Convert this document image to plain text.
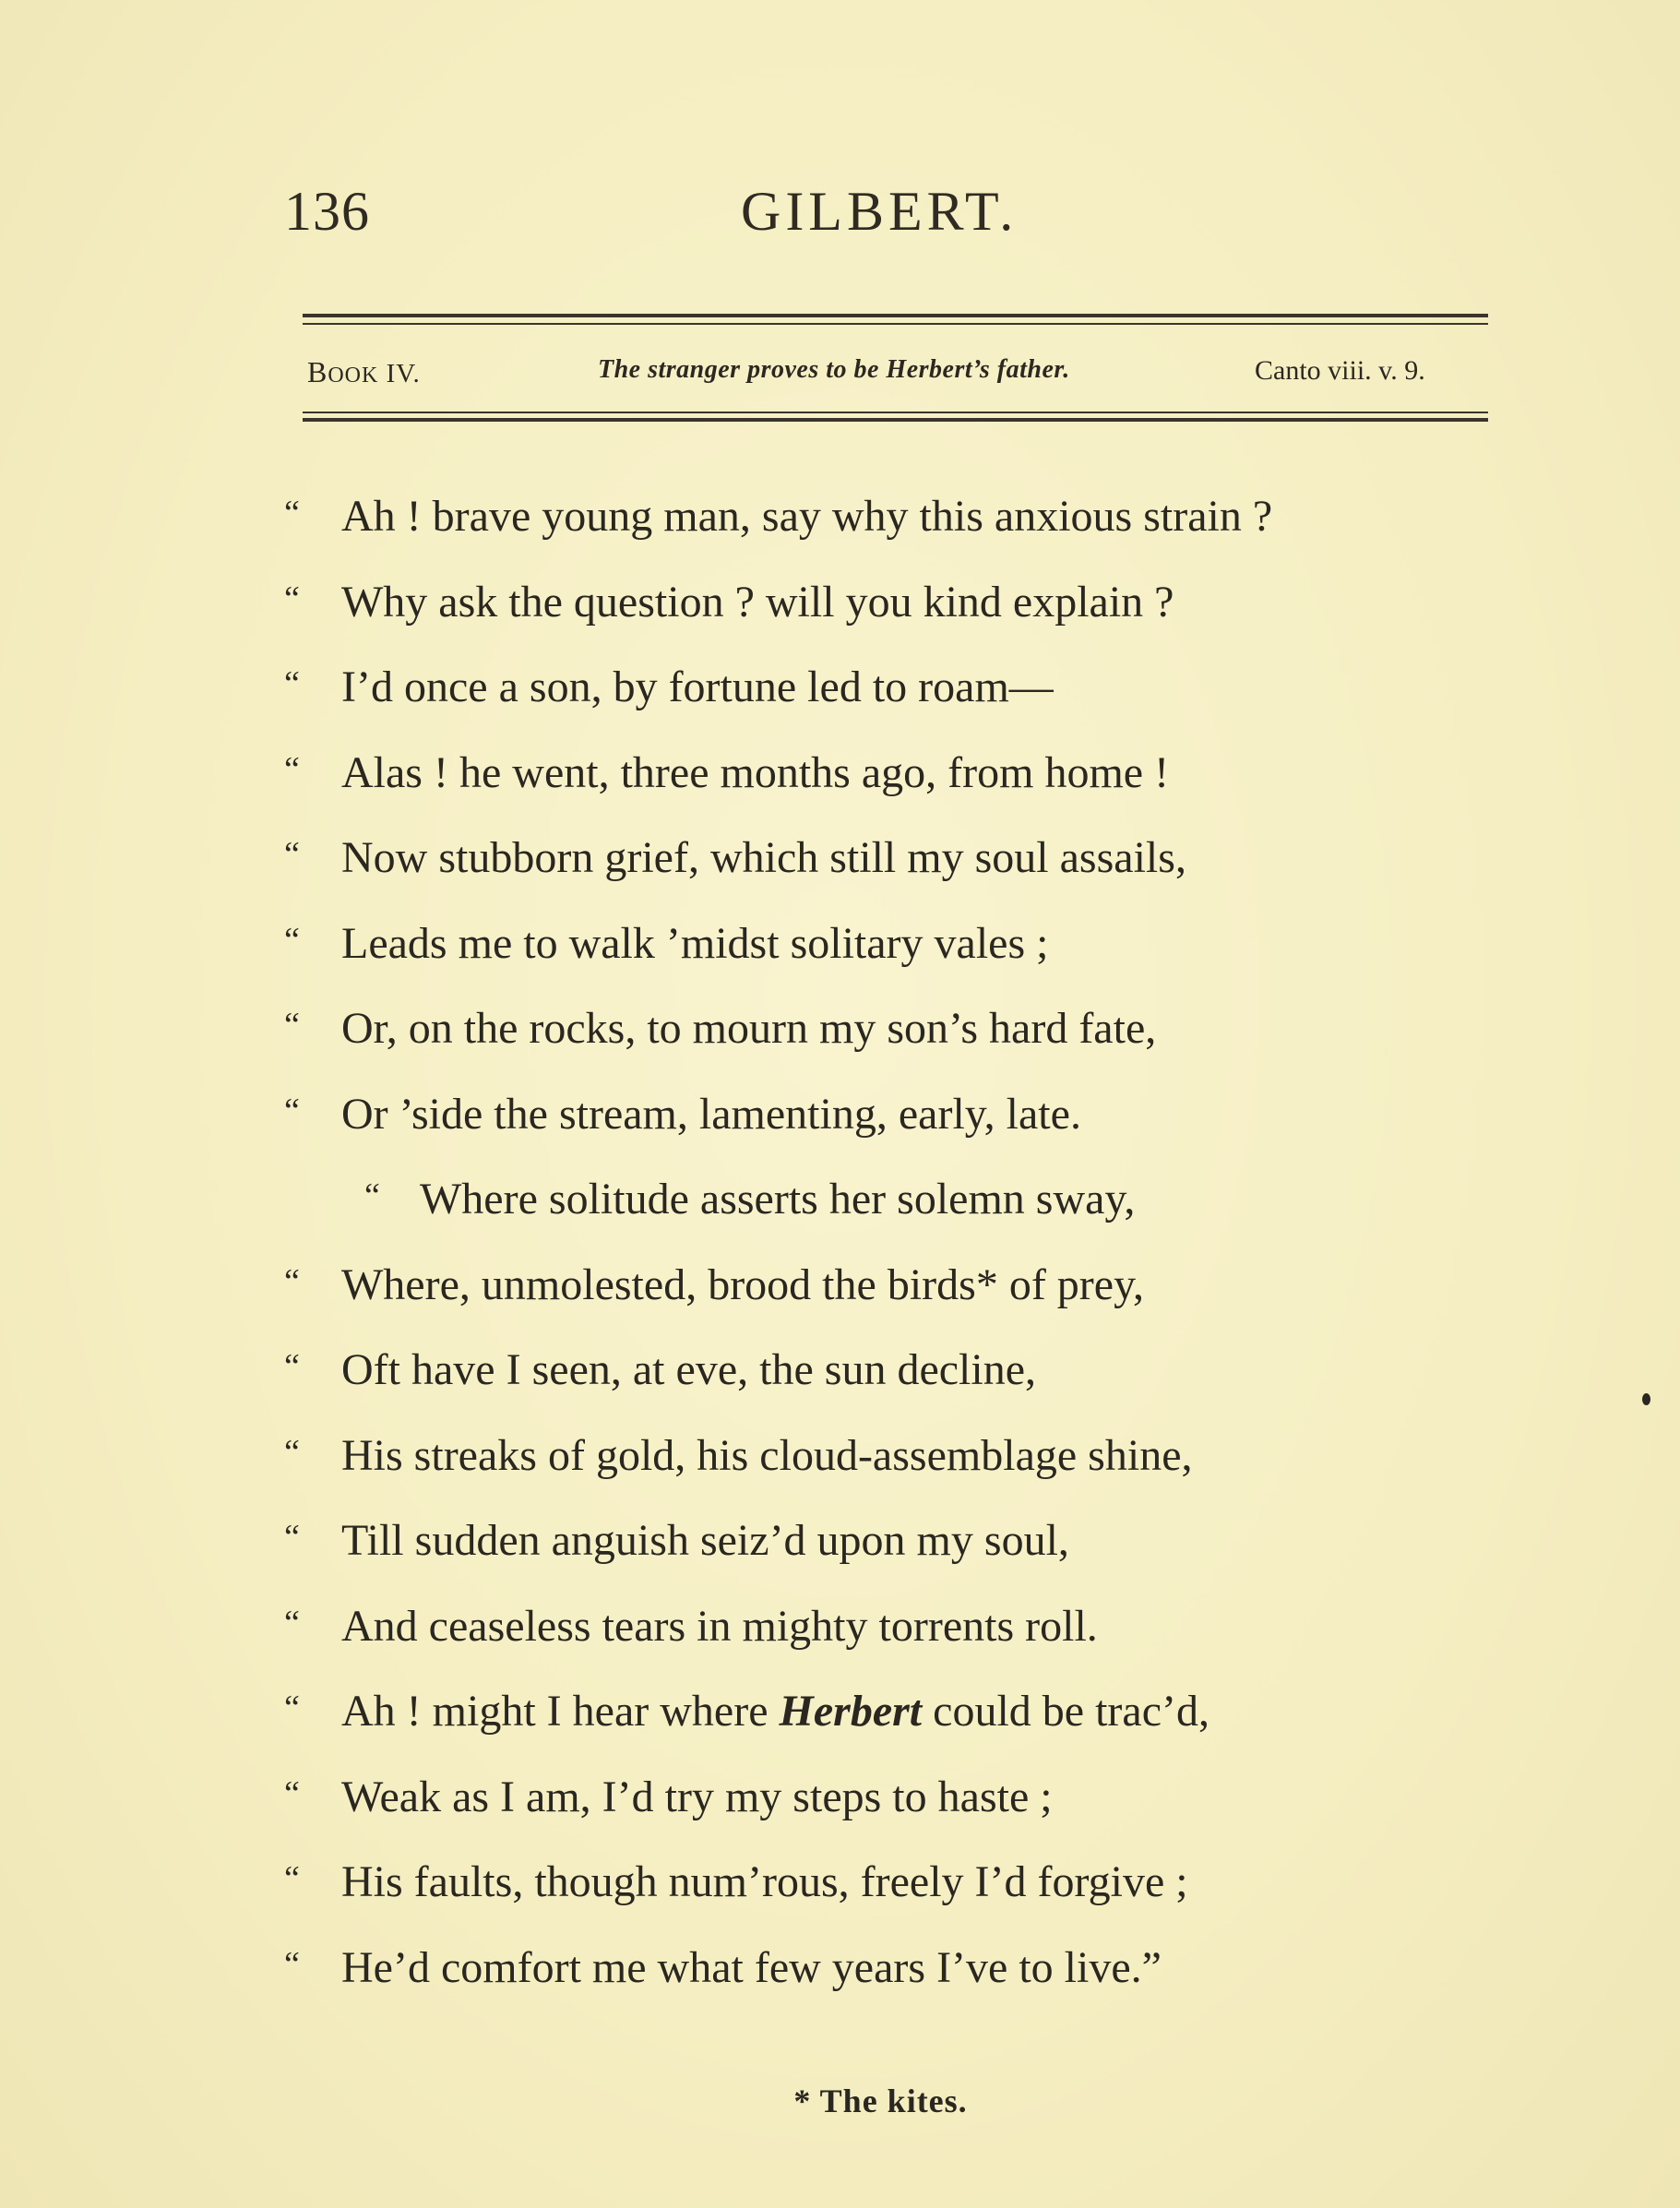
136	GILBERT.
BOOK IV.	The stranger proves to be Herbert’s father.	Canto viii. v. 9.
“ Ah ! brave young man, say why this anxious strain ?
“ Why ask the question ? will you kind explain ?
“ I’d once a son, by fortune led to roam—
“ Alas ! he went, three months ago, from home !
“ Now stubborn grief, which still my soul assails,
“ Leads me to walk ’midst solitary vales ;
“ Or, on the rocks, to mourn my son’s hard fate,
“ Or ’side the stream, lamenting, early, late.
“ Where solitude asserts her solemn sway,
“ Where, unmolested, brood the birds* of prey,
“ Oft have I seen, at eve, the sun decline,
“ His streaks of gold, his cloud-assemblage shine,
“ Till sudden anguish seiz’d upon my soul,
“ And ceaseless tears in mighty torrents roll.
“ Ah ! might I hear where Herbert could be trac’d,
“ Weak as I am, I’d try my steps to haste ;
“ His faults, though num’rous, freely I’d forgive ;
“ He’d comfort me what few years I’ve to live.”
* The kites.
